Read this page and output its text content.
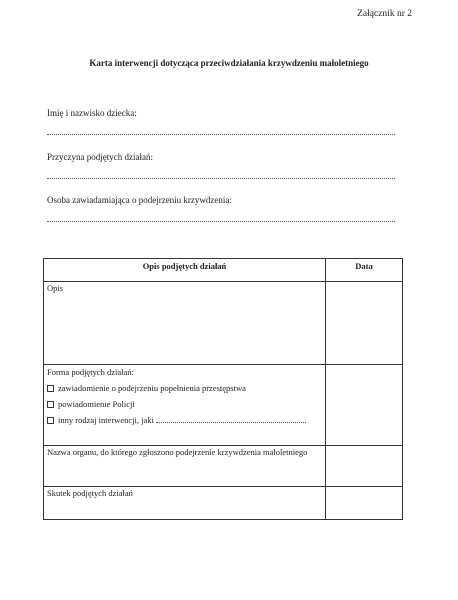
Załącznik nr 2
Karta interwencji dotycząca przeciwdziałania krzywdzeniu małoletniego
Imię i nazwisko dziecka:
Przyczyna podjętych działań:
Osoba zawiadamiająca o podejrzeniu krzywdzenia:
Opis podjętych działań	Data
Opis	

Forma podjętych działań:
zawiadomienie o podejrzeniu popełnienia przestępstwa
powiadomienie Policji
inny rodzaj interwencji, jaki	

Nazwa organu, do którego zgłoszono podejrzenie krzywdzenia małoletniego	
Skutek podjętych działań	
